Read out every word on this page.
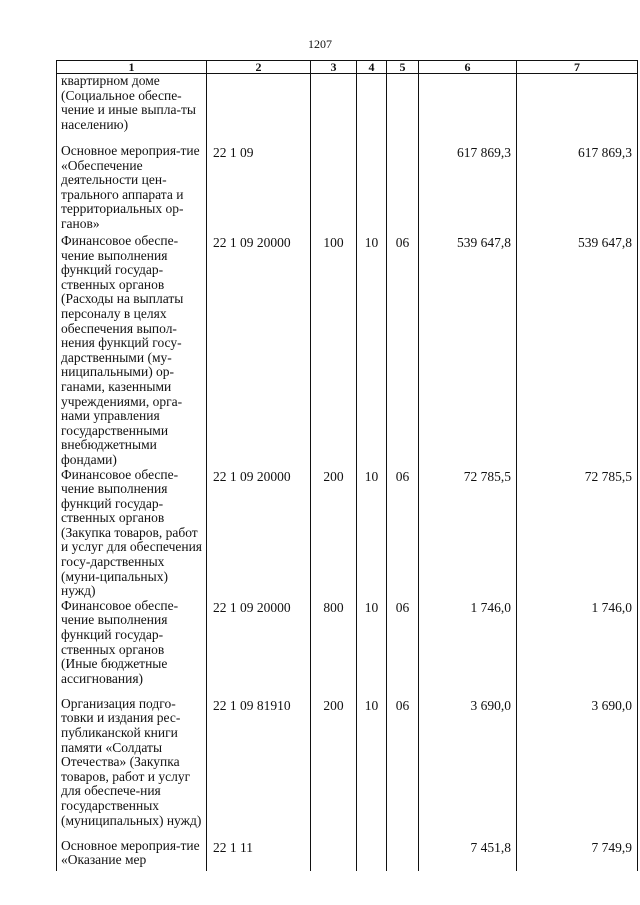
1207
1	2	3	4	5	6	7
квартирном доме (Социальное обеспе-чение и иные выпла-ты населению)						
Основное мероприя-тие «Обеспечение деятельности цен-трального аппарата и территориальных ор-ганов»	22 1 09				617 869,3	617 869,3
Финансовое обеспе-чение выполнения функций государ-ственных органов (Расходы на выплаты персоналу в целях обеспечения выпол-нения функций госу-дарственными (му-ниципальными) ор-ганами, казенными учреждениями, орга-нами управления государственными внебюджетными фондами)	22 1 09 20000	100	10	06	539 647,8	539 647,8
Финансовое обеспе-чение выполнения функций государ-ственных органов (Закупка товаров, работ и услуг для обеспечения госу-дарственных (муни-ципальных) нужд)	22 1 09 20000	200	10	06	72 785,5	72 785,5
Финансовое обеспе-чение выполнения функций государ-ственных органов (Иные бюджетные ассигнования)	22 1 09 20000	800	10	06	1 746,0	1 746,0
Организация подго-товки и издания рес-публиканской книги памяти «Солдаты Отечества» (Закупка товаров, работ и услуг для обеспече-ния государственных (муниципальных) нужд)	22 1 09 81910	200	10	06	3 690,0	3 690,0
Основное мероприя-тие «Оказание мер	22 1 11				7 451,8	7 749,9
